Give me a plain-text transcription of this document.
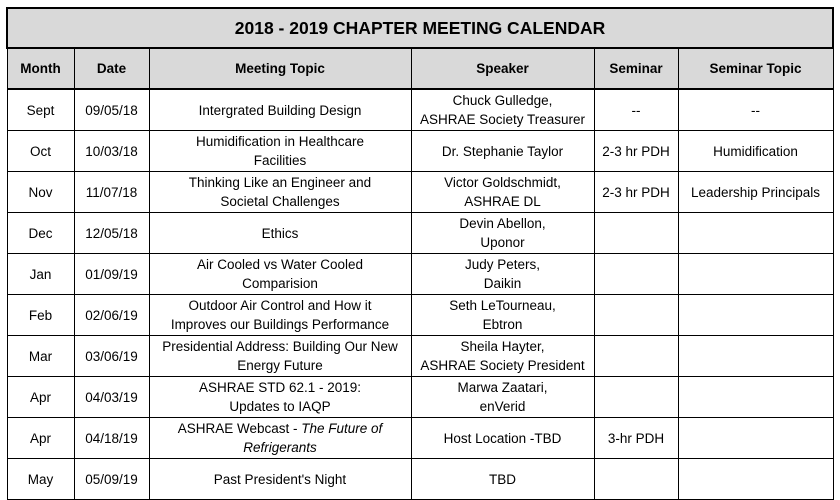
2018 - 2019 CHAPTER MEETING CALENDAR					
Month	Date	Meeting Topic	Speaker	Seminar	Seminar Topic
Sept	09/05/18	Intergrated Building Design	Chuck Gulledge,
ASHRAE Society Treasurer	--	--
Oct	10/03/18	Humidification in Healthcare
Facilities	Dr. Stephanie Taylor	2-3 hr PDH	Humidification
Nov	11/07/18	Thinking Like an Engineer and
Societal Challenges	Victor Goldschmidt,
ASHRAE DL	2-3 hr PDH	Leadership Principals
Dec	12/05/18	Ethics	Devin Abellon,
Uponor		

Jan	01/09/19	Air Cooled vs Water Cooled
Comparision	Judy Peters,
Daikin		

Feb	02/06/19	Outdoor Air Control and How it
Improves our Buildings Performance	Seth LeTourneau,
Ebtron		

Mar	03/06/19	Presidential Address: Building Our New
Energy Future	Sheila Hayter,
ASHRAE Society President		

Apr	04/03/19	ASHRAE STD 62.1 - 2019:
Updates to IAQP	Marwa Zaatari,
enVerid		

Apr	04/18/19	ASHRAE Webcast - The Future of
Refrigerants	Host Location -TBD	3-hr PDH	
May	05/09/19	Past President's Night	TBD		
